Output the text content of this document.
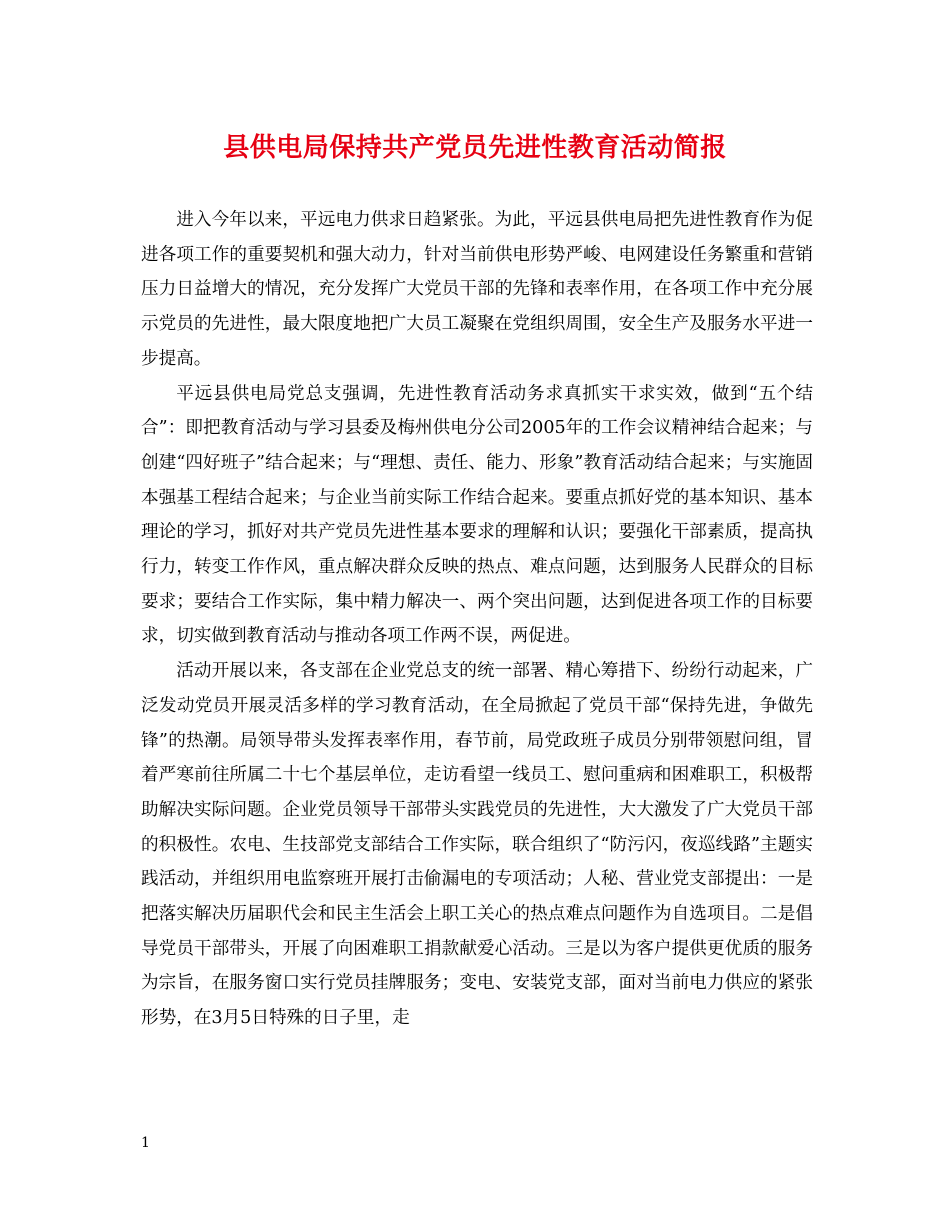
县供电局保持共产党员先进性教育活动简报

进入今年以来，平远电力供求日趋紧张。为此，平远县供电局把先进性教育作为促进各项工作的重要契机和强大动力，针对当前供电形势严峻、电网建设任务繁重和营销压力日益增大的情况，充分发挥广大党员干部的先锋和表率作用，在各项工作中充分展示党员的先进性，最大限度地把广大员工凝聚在党组织周围，安全生产及服务水平进一步提高。

平远县供电局党总支强调，先进性教育活动务求真抓实干求实效，做到“五个结合”：即把教育活动与学习县委及梅州供电分公司2005年的工作会议精神结合起来；与创建“四好班子”结合起来；与“理想、责任、能力、形象”教育活动结合起来；与实施固本强基工程结合起来；与企业当前实际工作结合起来。要重点抓好党的基本知识、基本理论的学习，抓好对共产党员先进性基本要求的理解和认识；要强化干部素质，提高执行力，转变工作作风，重点解决群众反映的热点、难点问题，达到服务人民群众的目标要求；要结合工作实际，集中精力解决一、两个突出问题，达到促进各项工作的目标要求，切实做到教育活动与推动各项工作两不误，两促进。

活动开展以来，各支部在企业党总支的统一部署、精心筹措下、纷纷行动起来，广泛发动党员开展灵活多样的学习教育活动，在全局掀起了党员干部“保持先进，争做先锋”的热潮。局领导带头发挥表率作用，春节前，局党政班子成员分别带领慰问组，冒着严寒前往所属二十七个基层单位，走访看望一线员工、慰问重病和困难职工，积极帮助解决实际问题。企业党员领导干部带头实践党员的先进性，大大激发了广大党员干部的积极性。农电、生技部党支部结合工作实际，联合组织了“防污闪，夜巡线路”主题实践活动，并组织用电监察班开展打击偷漏电的专项活动；人秘、营业党支部提出：一是把落实解决历届职代会和民主生活会上职工关心的热点难点问题作为自选项目。二是倡导党员干部带头，开展了向困难职工捐款献爱心活动。三是以为客户提供更优质的服务为宗旨，在服务窗口实行党员挂牌服务；变电、安装党支部，面对当前电力供应的紧张形势，在3月5日特殊的日子里，走

1
